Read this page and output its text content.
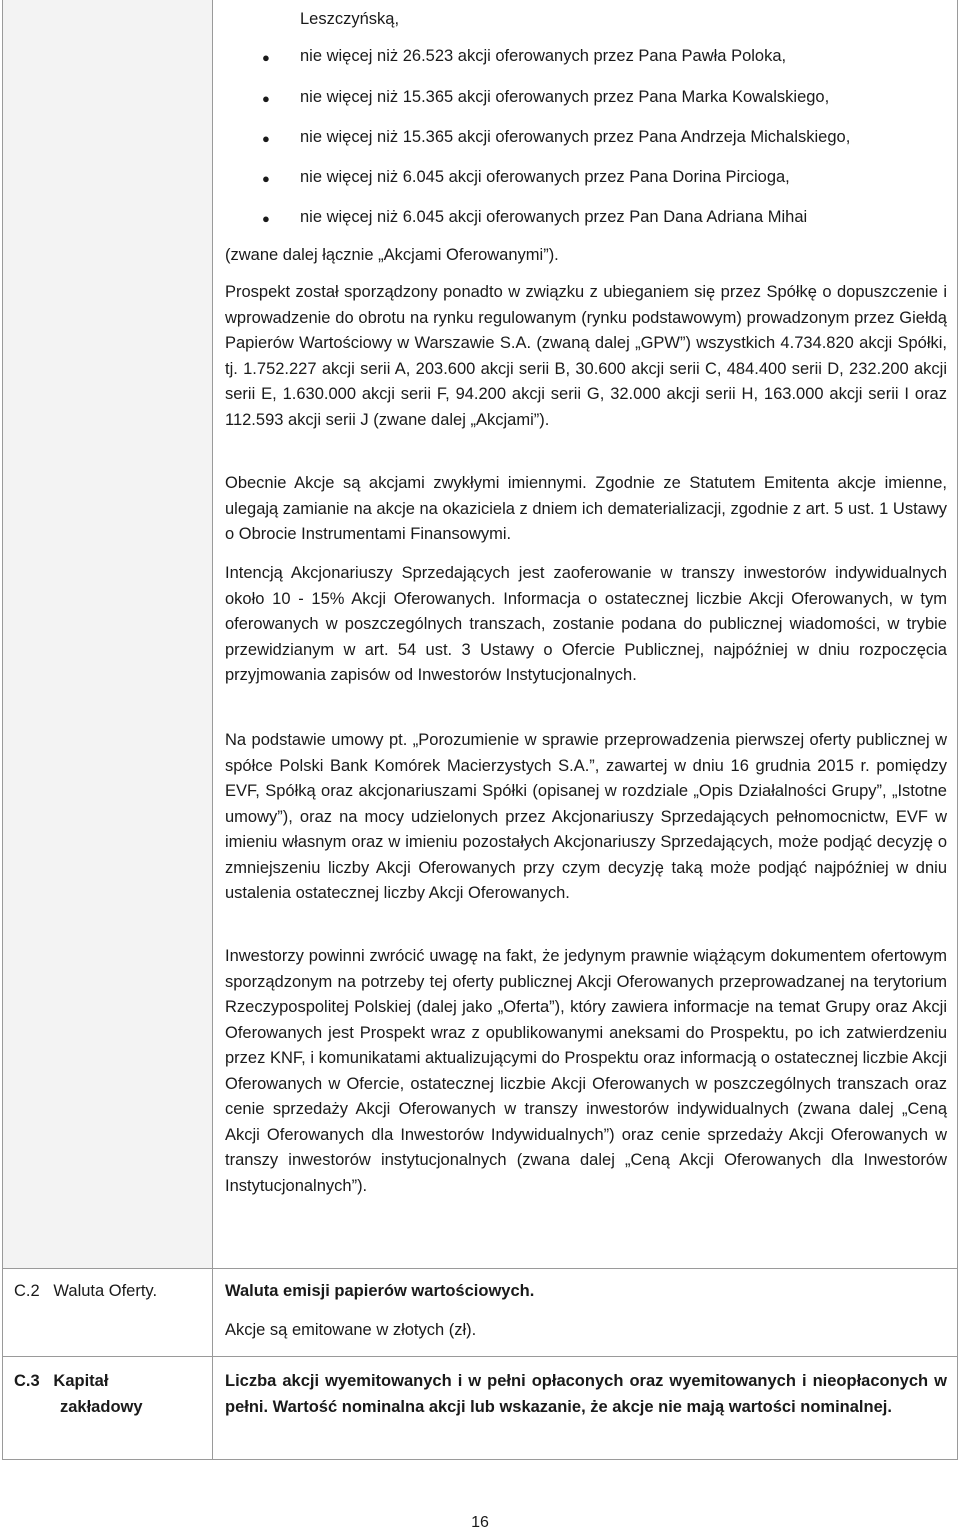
Leszczyńską,
● nie więcej niż 26.523 akcji oferowanych przez Pana Pawła Poloka,
● nie więcej niż 15.365 akcji oferowanych przez Pana Marka Kowalskiego,
● nie więcej niż 15.365 akcji oferowanych przez Pana Andrzeja Michalskiego,
● nie więcej niż 6.045 akcji oferowanych przez Pana Dorina Pircioga,
● nie więcej niż 6.045 akcji oferowanych przez Pan Dana Adriana Mihai
(zwane dalej łącznie „Akcjami Oferowanymi”).
Prospekt został sporządzony ponadto w związku z ubieganiem się przez Spółkę o dopuszczenie i wprowadzenie do obrotu na rynku regulowanym (rynku podstawowym) prowadzonym przez Giełdą Papierów Wartościowy w Warszawie S.A. (zwaną dalej „GPW”) wszystkich 4.734.820 akcji Spółki, tj. 1.752.227 akcji serii A, 203.600 akcji serii B, 30.600 akcji serii C, 484.400 serii D, 232.200 akcji serii E, 1.630.000 akcji serii F, 94.200 akcji serii G, 32.000 akcji serii H, 163.000 akcji serii I oraz 112.593 akcji serii J (zwane dalej „Akcjami”).
Obecnie Akcje są akcjami zwykłymi imiennymi. Zgodnie ze Statutem Emitenta akcje imienne, ulegają zamianie na akcje na okaziciela z dniem ich dematerializacji, zgodnie z art. 5 ust. 1 Ustawy o Obrocie Instrumentami Finansowymi.
Intencją Akcjonariuszy Sprzedających jest zaoferowanie w transzy inwestorów indywidualnych około 10 - 15% Akcji Oferowanych. Informacja o ostatecznej liczbie Akcji Oferowanych, w tym oferowanych w poszczególnych transzach, zostanie podana do publicznej wiadomości, w trybie przewidzianym w art. 54 ust. 3 Ustawy o Ofercie Publicznej, najpóźniej w dniu rozpoczęcia przyjmowania zapisów od Inwestorów Instytucjonalnych.
Na podstawie umowy pt. „Porozumienie w sprawie przeprowadzenia pierwszej oferty publicznej w spółce Polski Bank Komórek Macierzystych S.A.”, zawartej w dniu 16 grudnia 2015 r. pomiędzy EVF, Spółką oraz akcjonariuszami Spółki (opisanej w rozdziale „Opis Działalności Grupy”, „Istotne umowy”), oraz na mocy udzielonych przez Akcjonariuszy Sprzedających pełnomocnictw, EVF w imieniu własnym oraz w imieniu pozostałych Akcjonariuszy Sprzedających, może podjąć decyzję o zmniejszeniu liczby Akcji Oferowanych przy czym decyzję taką może podjąć najpóźniej w dniu ustalenia ostatecznej liczby Akcji Oferowanych.
Inwestorzy powinni zwrócić uwagę na fakt, że jedynym prawnie wiążącym dokumentem ofertowym sporządzonym na potrzeby tej oferty publicznej Akcji Oferowanych przeprowadzanej na terytorium Rzeczypospolitej Polskiej (dalej jako „Oferta”), który zawiera informacje na temat Grupy oraz Akcji Oferowanych jest Prospekt wraz z opublikowanymi aneksami do Prospektu, po ich zatwierdzeniu przez KNF, i komunikatami aktualizującymi do Prospektu oraz informacją o ostatecznej liczbie Akcji Oferowanych w Ofercie, ostatecznej liczbie Akcji Oferowanych w poszczególnych transzach oraz cenie sprzedaży Akcji Oferowanych w transzy inwestorów indywidualnych (zwana dalej „Ceną Akcji Oferowanych dla Inwestorów Indywidualnych”) oraz cenie sprzedaży Akcji Oferowanych w transzy inwestorów instytucjonalnych (zwana dalej „Ceną Akcji Oferowanych dla Inwestorów Instytucjonalnych”).
C.2   Waluta Oferty.	Waluta emisji papierów wartościowych.
Akcje są emitowane w złotych (zł).
C.3   Kapitał
zakładowy
Liczba akcji wyemitowanych i w pełni opłaconych oraz wyemitowanych i nieopłaconych w pełni. Wartość nominalna akcji lub wskazanie, że akcje nie mają wartości nominalnej.
16
